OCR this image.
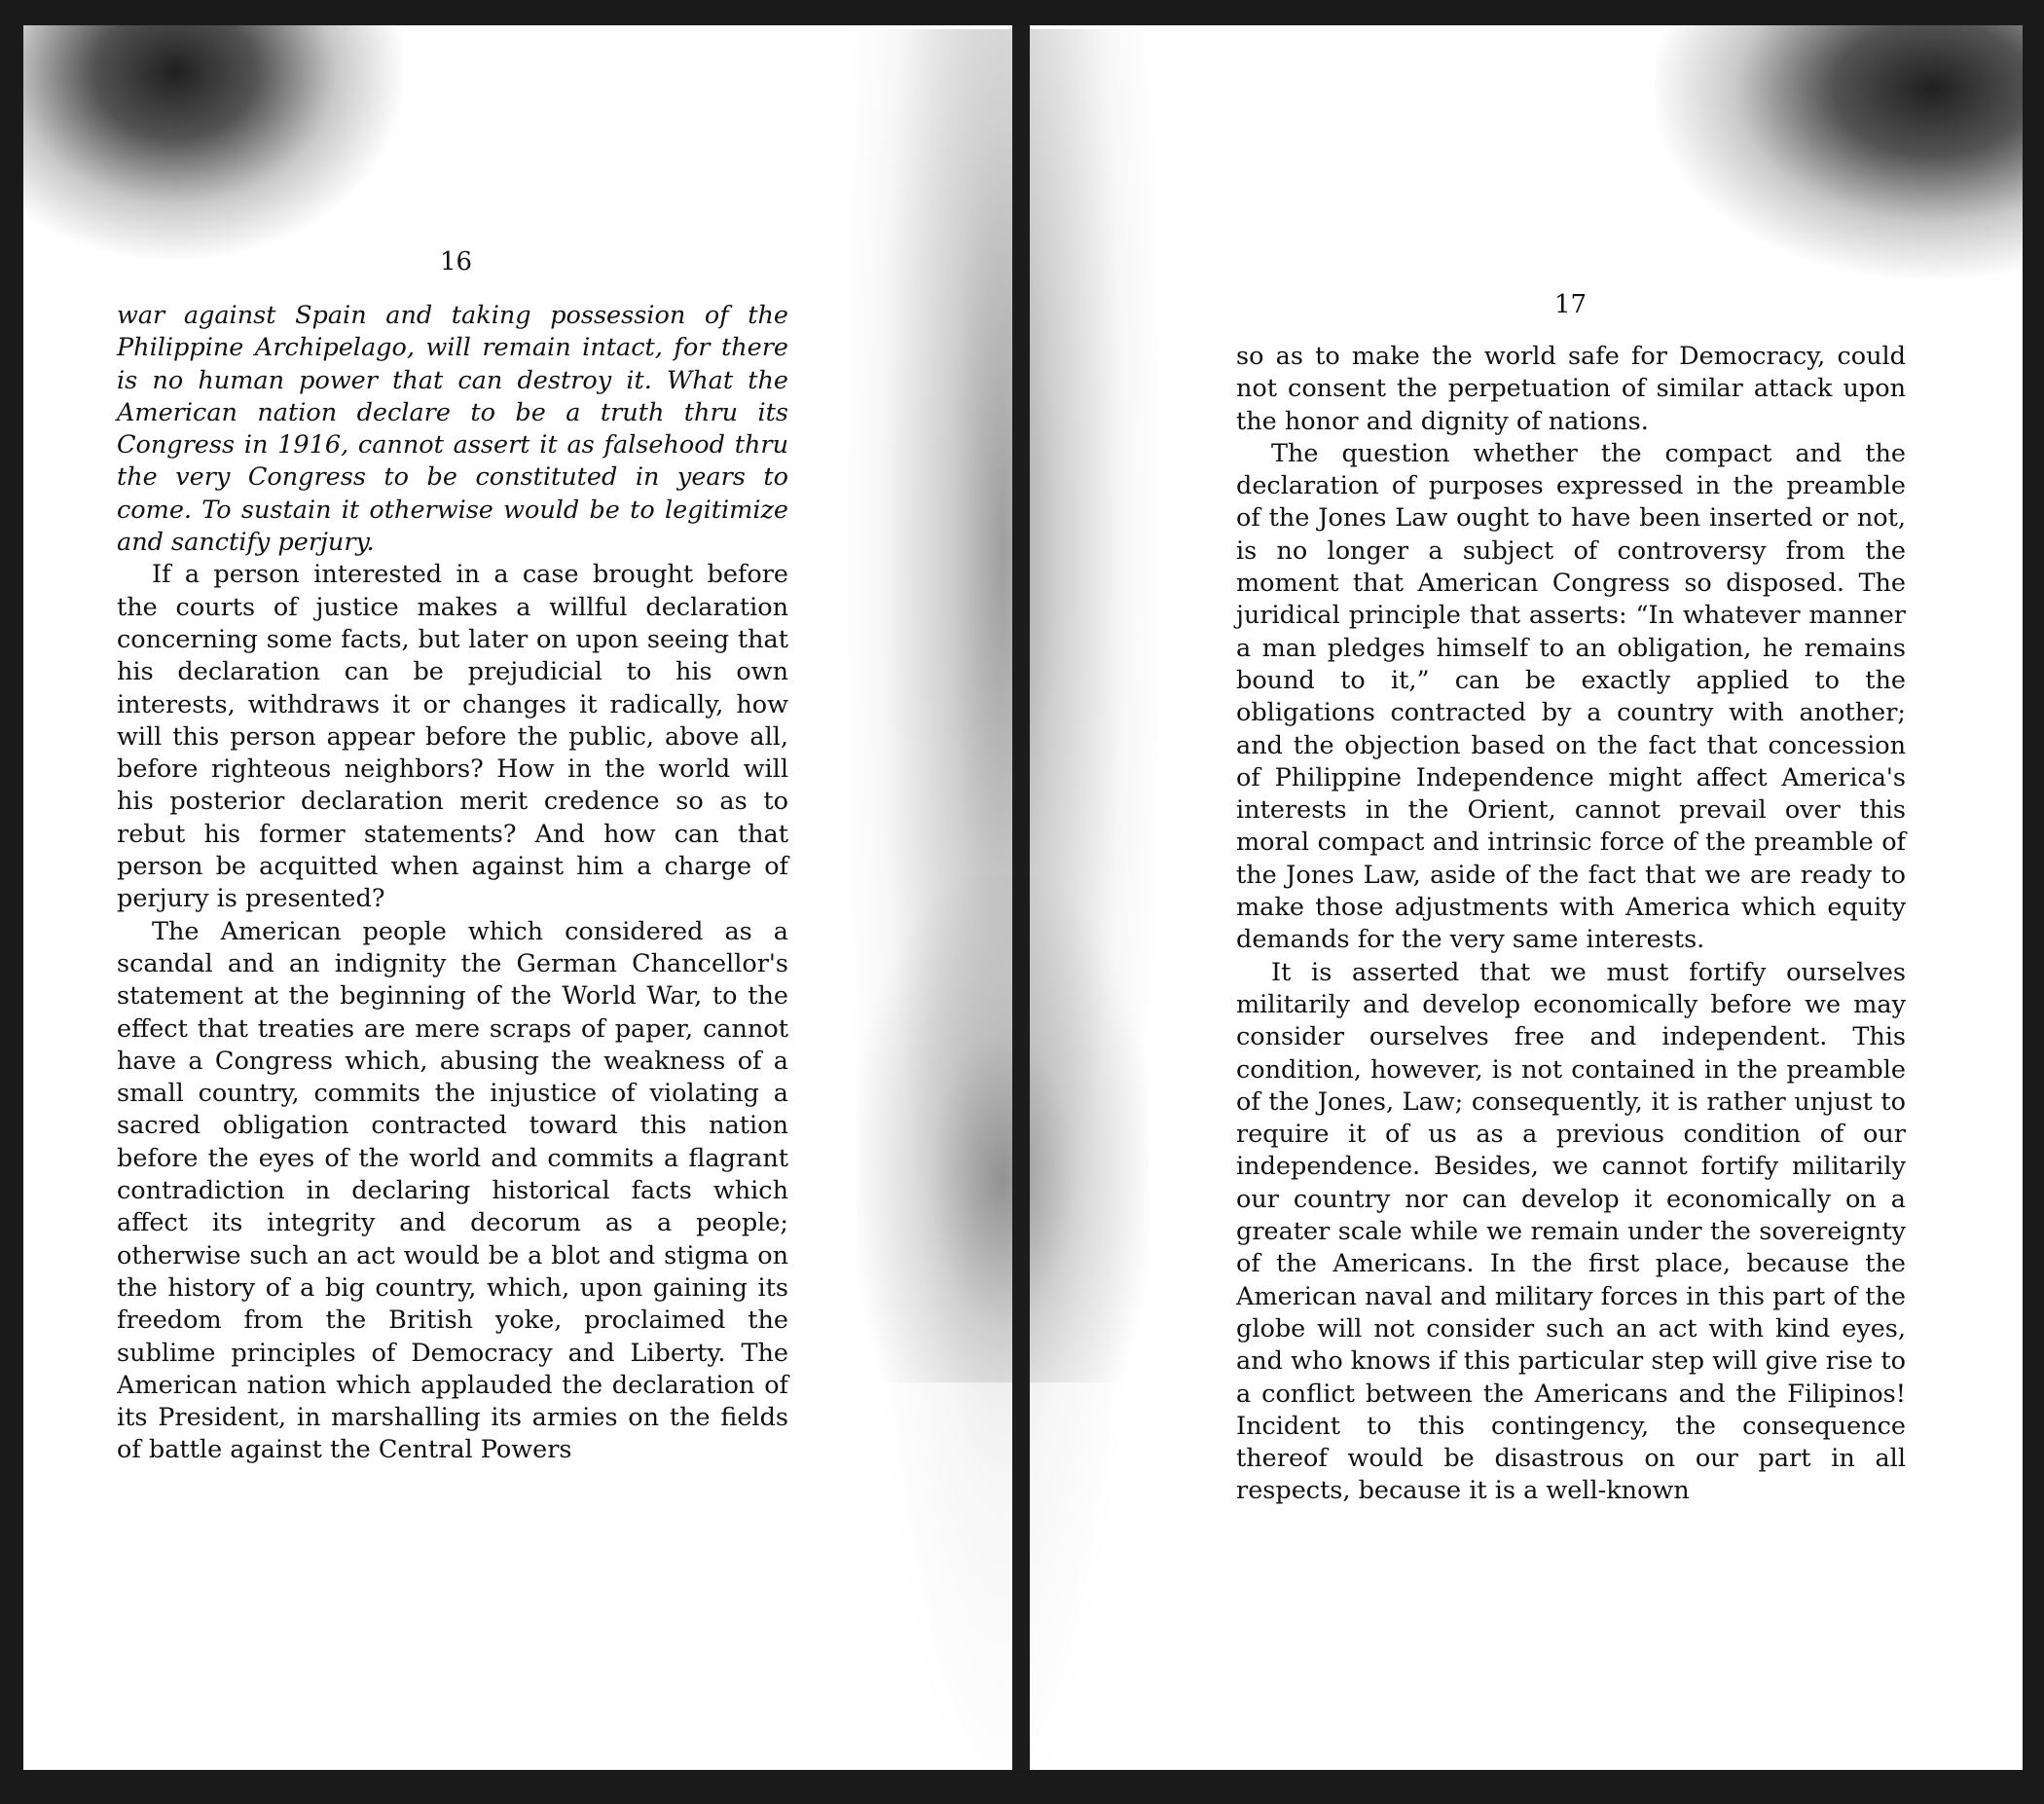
16

war against Spain and taking possession of the Philippine Archipelago, will remain intact, for there is no human power that can destroy it. What the American nation declare to be a truth thru its Congress in 1916, cannot assert it as falsehood thru the very Congress to be constituted in years to come. To sustain it otherwise would be to legitimize and sanctify perjury.

If a person interested in a case brought before the courts of justice makes a willful declaration concerning some facts, but later on upon seeing that his declaration can be prejudicial to his own interests, withdraws it or changes it radically, how will this person appear before the public, above all, before righteous neighbors? How in the world will his posterior declaration merit credence so as to rebut his former statements? And how can that person be acquitted when against him a charge of perjury is presented?

The American people which considered as a scandal and an indignity the German Chancellor's statement at the beginning of the World War, to the effect that treaties are mere scraps of paper, cannot have a Congress which, abusing the weakness of a small country, commits the injustice of violating a sacred obligation contracted toward this nation before the eyes of the world and commits a flagrant contradiction in declaring historical facts which affect its integrity and decorum as a people; otherwise such an act would be a blot and stigma on the history of a big country, which, upon gaining its freedom from the British yoke, proclaimed the sublime principles of Democracy and Liberty. The American nation which applauded the declaration of its President, in marshalling its armies on the fields of battle against the Central Powers

17

so as to make the world safe for Democracy, could not consent the perpetuation of similar attack upon the honor and dignity of nations.

The question whether the compact and the declaration of purposes expressed in the preamble of the Jones Law ought to have been inserted or not, is no longer a subject of controversy from the moment that American Congress so disposed. The juridical principle that asserts: “In whatever manner a man pledges himself to an obligation, he remains bound to it,” can be exactly applied to the obligations contracted by a country with another; and the objection based on the fact that concession of Philippine Independence might affect America's interests in the Orient, cannot prevail over this moral compact and intrinsic force of the preamble of the Jones Law, aside of the fact that we are ready to make those adjustments with America which equity demands for the very same interests.

It is asserted that we must fortify ourselves militarily and develop economically before we may consider ourselves free and independent. This condition, however, is not contained in the preamble of the Jones, Law; consequently, it is rather unjust to require it of us as a previous condition of our independence. Besides, we cannot fortify militarily our country nor can develop it economically on a greater scale while we remain under the sovereignty of the Americans. In the first place, because the American naval and military forces in this part of the globe will not consider such an act with kind eyes, and who knows if this particular step will give rise to a conflict between the Americans and the Filipinos! Incident to this contingency, the consequence thereof would be disastrous on our part in all respects, because it is a well-known
